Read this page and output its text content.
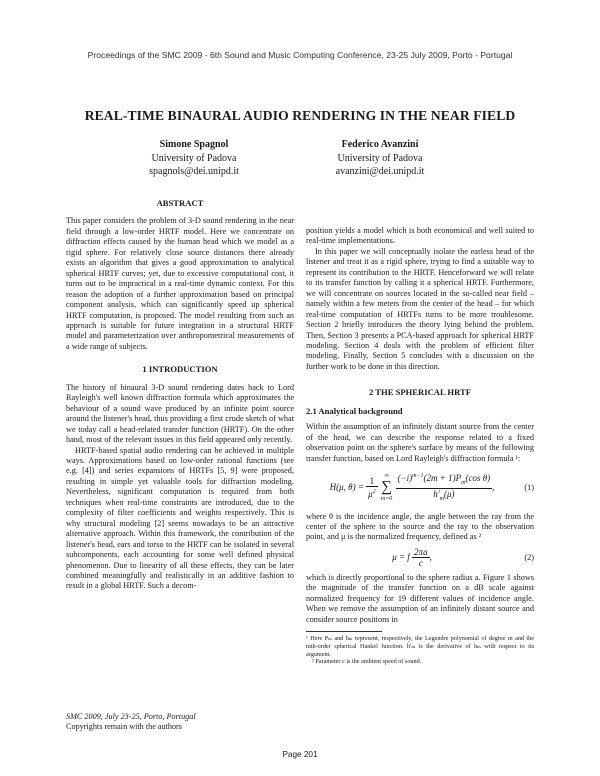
Proceedings of the SMC 2009 - 6th Sound and Music Computing Conference, 23-25 July 2009, Porto - Portugal
REAL-TIME BINAURAL AUDIO RENDERING IN THE NEAR FIELD
Simone Spagnol
University of Padova
spagnols@dei.unipd.it
Federico Avanzini
University of Padova
avanzini@dei.unipd.it

ABSTRACT

This paper considers the problem of 3-D sound rendering in the near field through a low-order HRTF model. Here we concentrate on diffraction effects caused by the human head which we model as a rigid sphere. For relatively close source distances there already exists an algorithm that gives a good approximation to analytical spherical HRTF curves; yet, due to excessive computational cost, it turns out to be impractical in a real-time dynamic context. For this reason the adoption of a further approximation based on principal component analysis, which can significantly speed up spherical HRTF computation, is proposed. The model resulting from such an approach is suitable for future integration in a structural HRTF model and parameterization over anthropometrical measurements of a wide range of subjects.

1 INTRODUCTION

The history of binaural 3-D sound rendering dates back to Lord Rayleigh's well known diffraction formula which approximates the behaviour of a sound wave produced by an infinite point source around the listener's head, thus providing a first crude sketch of what we today call a head-related transfer function (HRTF). On the other hand, most of the relevant issues in this field appeared only recently.

HRTF-based spatial audio rendering can be achieved in multiple ways. Approximations based on low-order rational functions (see e.g. [4]) and series expansions of HRTFs [5, 9] were proposed, resulting in simple yet valuable tools for diffraction modeling. Nevertheless, significant computation is required from both techniques when real-time constraints are introduced, due to the complexity of filter coefficients and weights respectively. This is why structural modeling [2] seems nowadays to be an attractive alternative approach. Within this framework, the contribution of the listener's head, ears and torso to the HRTF can be isolated in several subcomponents, each accounting for some well defined physical phenomenon. Due to linearity of all these effects, they can be later combined meaningfully and realistically in an additive fashion to result in a global HRTF. Such a decom-

position yields a model which is both economical and well suited to real-time implementations.

In this paper we will conceptually isolate the earless head of the listener and treat it as a rigid sphere, trying to find a suitable way to represent its contribution to the HRTF. Henceforward we will relate to its transfer function by calling it a spherical HRTF. Furthermore, we will concentrate on sources located in the so-called near field – namely within a few meters from the center of the head – for which real-time computation of HRTFs turns to be more troublesome. Section 2 briefly introduces the theory lying behind the problem. Then, Section 3 presents a PCA-based approach for spherical HRTF modeling. Section 4 deals with the problem of efficient filter modeling. Finally, Section 5 concludes with a discussion on the further work to be done in this direction.

2 THE SPHERICAL HRTF

2.1 Analytical background

Within the assumption of an infinitely distant source from the center of the head, we can describe the response related to a fixed observation point on the sphere's surface by means of the following transfer function, based on Lord Rayleigh's diffraction formula ¹:

H(μ, $\theta) = \frac{1}{\mu^2}$
	∞
∑
m=0
$\frac{(-i)^{m-1}(2m + 1)P_m(\cos \theta)}{h'_m(\mu)}$ ,	(1)

where θ is the incidence angle, the angle between the ray from the center of the sphere to the source and the ray to the observation point, and μ is the normalized frequency, defined as ²

μ = f $\frac{2\pi a}{c}$ ,	(2)

which is directly proportional to the sphere radius a. Figure 1 shows the magnitude of the transfer function on a dB scale against normalized frequency for 19 different values of incidence angle. When we remove the assumption of an infinitely distant source and consider source positions in

¹ Here Pₘ and hₘ represent, respectively, the Legendre polynomial of degree m and the mth-order spherical Hankel function. h′ₘ is the derivative of hₘ with respect to its argument.

² Parameter c is the ambient speed of sound.

SMC 2009, July 23-25, Porto, Portugal
Copyrights remain with the authors
Page 201
